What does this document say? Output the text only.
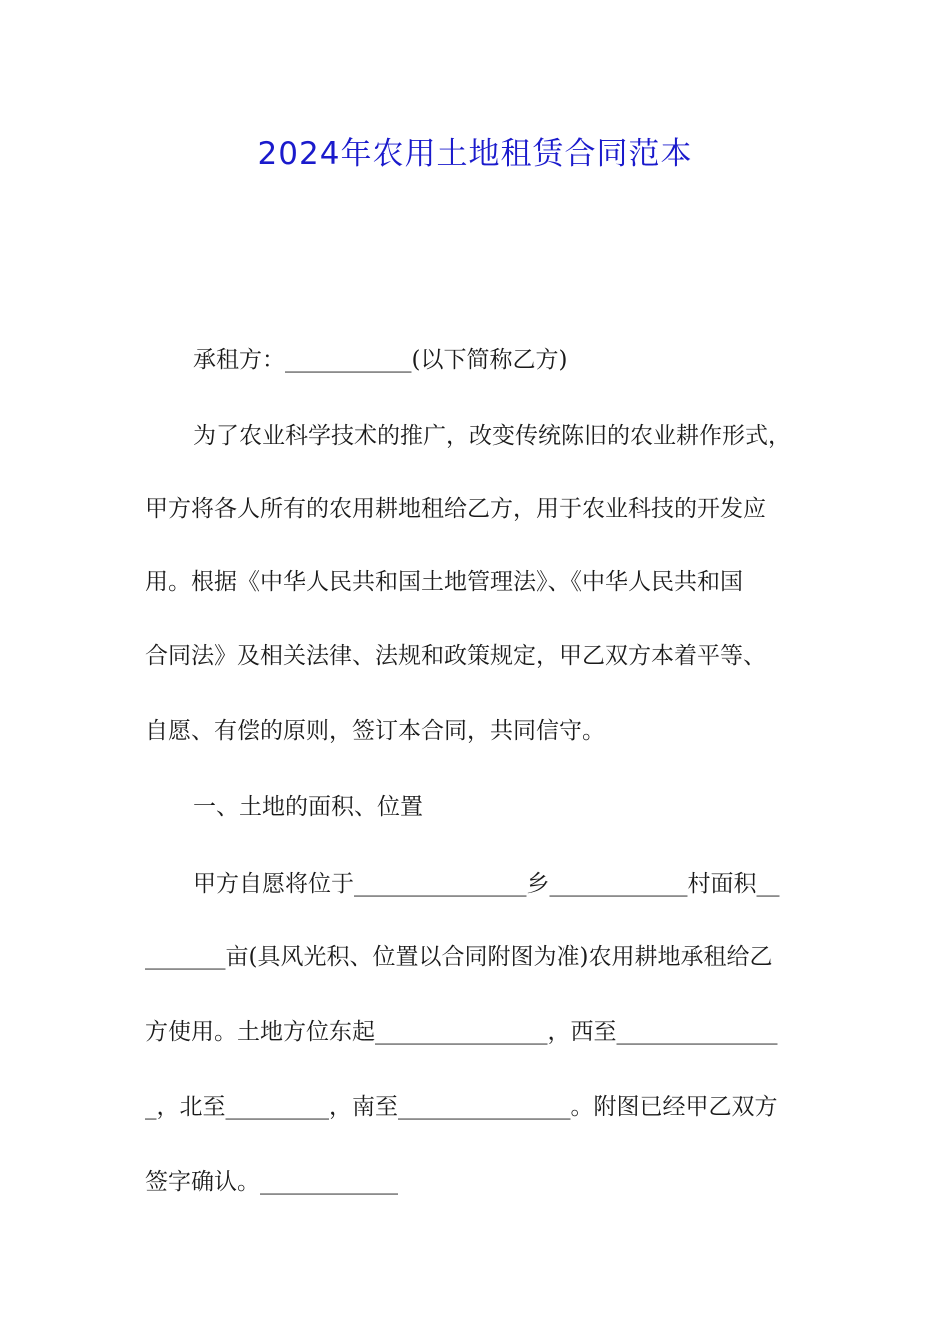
2024年农用土地租赁合同范本

承租方：___________(以下简称乙方)

为了农业科学技术的推广，改变传统陈旧的农业耕作形式，

甲方将各人所有的农用耕地租给乙方，用于农业科技的开发应

用。根据《中华人民共和国土地管理法》、《中华人民共和国

合同法》及相关法律、法规和政策规定，甲乙双方本着平等、

自愿、有偿的原则，签订本合同，共同信守。

一、土地的面积、位置

甲方自愿将位于_______________乡____________村面积__

_______亩(具风光积、位置以合同附图为准)农用耕地承租给乙

方使用。土地方位东起_______________，西至______________

_，北至_________，南至_______________。附图已经甲乙双方

签字确认。____________
